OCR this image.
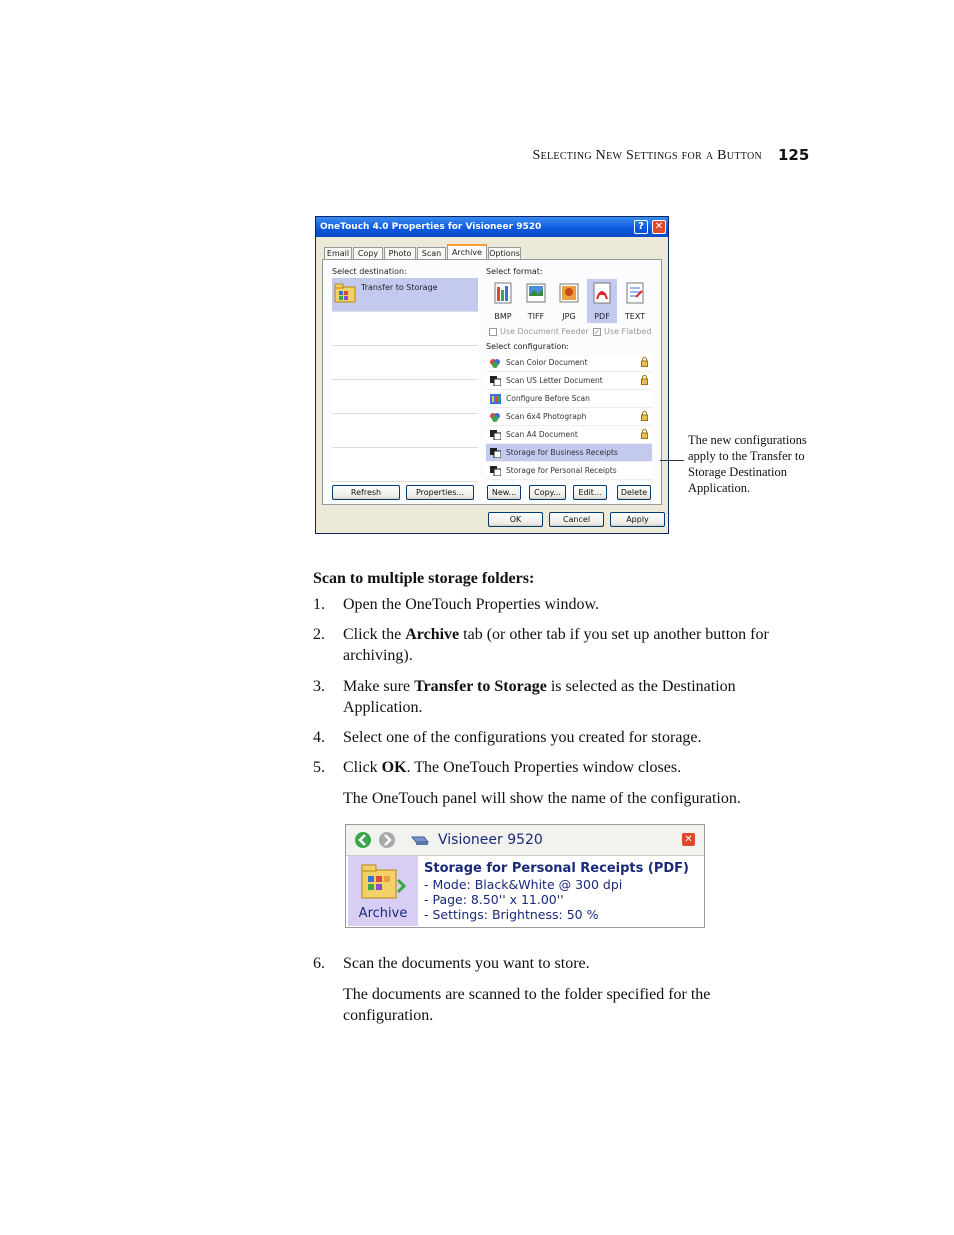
Selecting New Settings for a Button 125
OneTouch 4.0 Properties for Visioneer 9520	?	✕
Email	Copy	Photo	Scan	Archive Options
Select destination:
Transfer to Storage
Select format:
BMP	TIFF	JPG	PDF	TEXT
Use Document Feeder ✓ Use Flatbed
Select configuration:
Scan Color Document
Scan US Letter Document
Configure Before Scan
Scan 6x4 Photograph
Scan A4 Document
Storage for Business Receipts
Storage for Personal Receipts
Refresh	Properties...	New...	Copy...	Edit...	Delete
OK	Cancel	Apply
The new configurations
apply to the Transfer to
Storage Destination
Application.
Scan to multiple storage folders:
1. Open the OneTouch Properties window.
2. Click the Archive tab (or other tab if you set up another button for
archiving).
3. Make sure Transfer to Storage is selected as the Destination
Application.
4. Select one of the configurations you created for storage.
5. Click OK. The OneTouch Properties window closes.
The OneTouch panel will show the name of the configuration.
Visioneer 9520	✕
Archive
Storage for Personal Receipts (PDF)
- Mode: Black&White @ 300 dpi
- Page: 8.50'' x 11.00''
- Settings: Brightness: 50 %
6. Scan the documents you want to store.
The documents are scanned to the folder specified for the
configuration.
